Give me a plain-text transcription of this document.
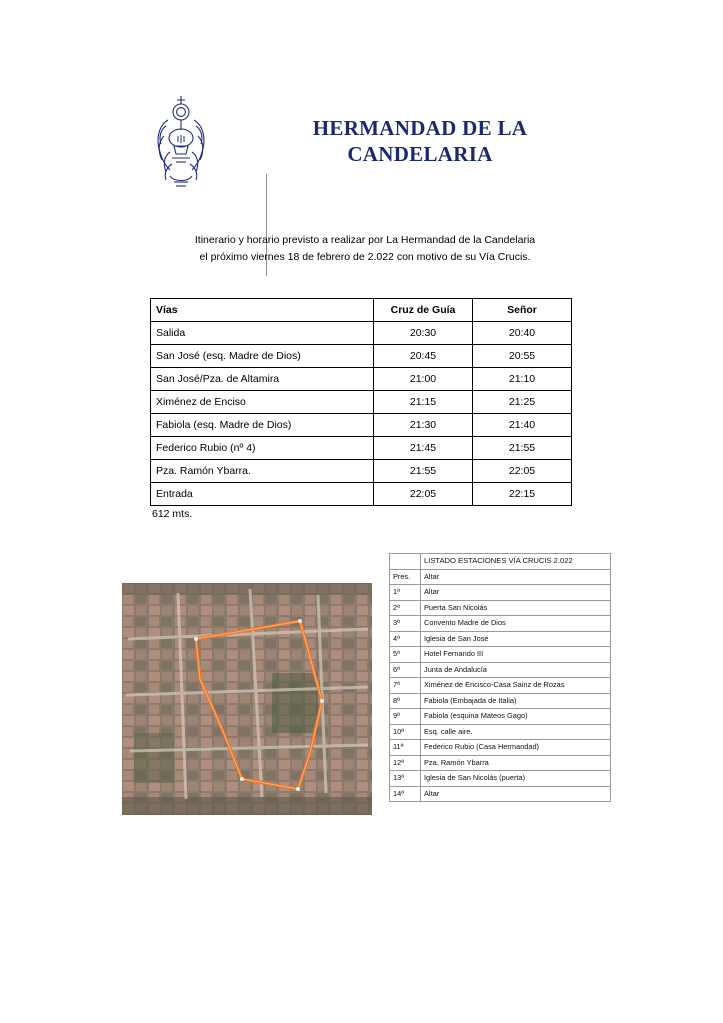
HERMANDAD DE LA CANDELARIA
Itinerario y horario previsto a realizar por La Hermandad de la Candelaria
el próximo viernes 18 de febrero de 2.022 con motivo de su Vía Crucis.
Vías	Cruz de Guía	Señor
Salida	20:30	20:40
San José (esq. Madre de Dios)	20:45	20:55
San José/Pza. de Altamira	21:00	21:10
Ximénez de Enciso	21:15	21:25
Fabiola (esq. Madre de Dios)	21:30	21:40
Federico Rubio (nº 4)	21:45	21:55
Pza. Ramón Ybarra.	21:55	22:05
Entrada	22:05	22:15
612 mts.
	LISTADO ESTACIONES VÍA CRUCIS 2.022
Pres.	Altar
1ª	Altar
2ª	Puerta San Nicolás
3ª	Convento Madre de Dios
4ª	Iglesia de San José
5ª	Hotel Fernando III
6ª	Junta de Andalucía
7ª	Ximénez de Encisco-Casa Sainz de Rozas
8ª	Fabiola (Embajada de Italia)
9ª	Fabiola (esquina Mateos Gago)
10ª	Esq. calle aire.
11ª	Federico Rubio (Casa Hermandad)
12ª	Pza. Ramón Ybarra
13ª	Iglesia de San Nicolás (puerta)
14ª	Altar
